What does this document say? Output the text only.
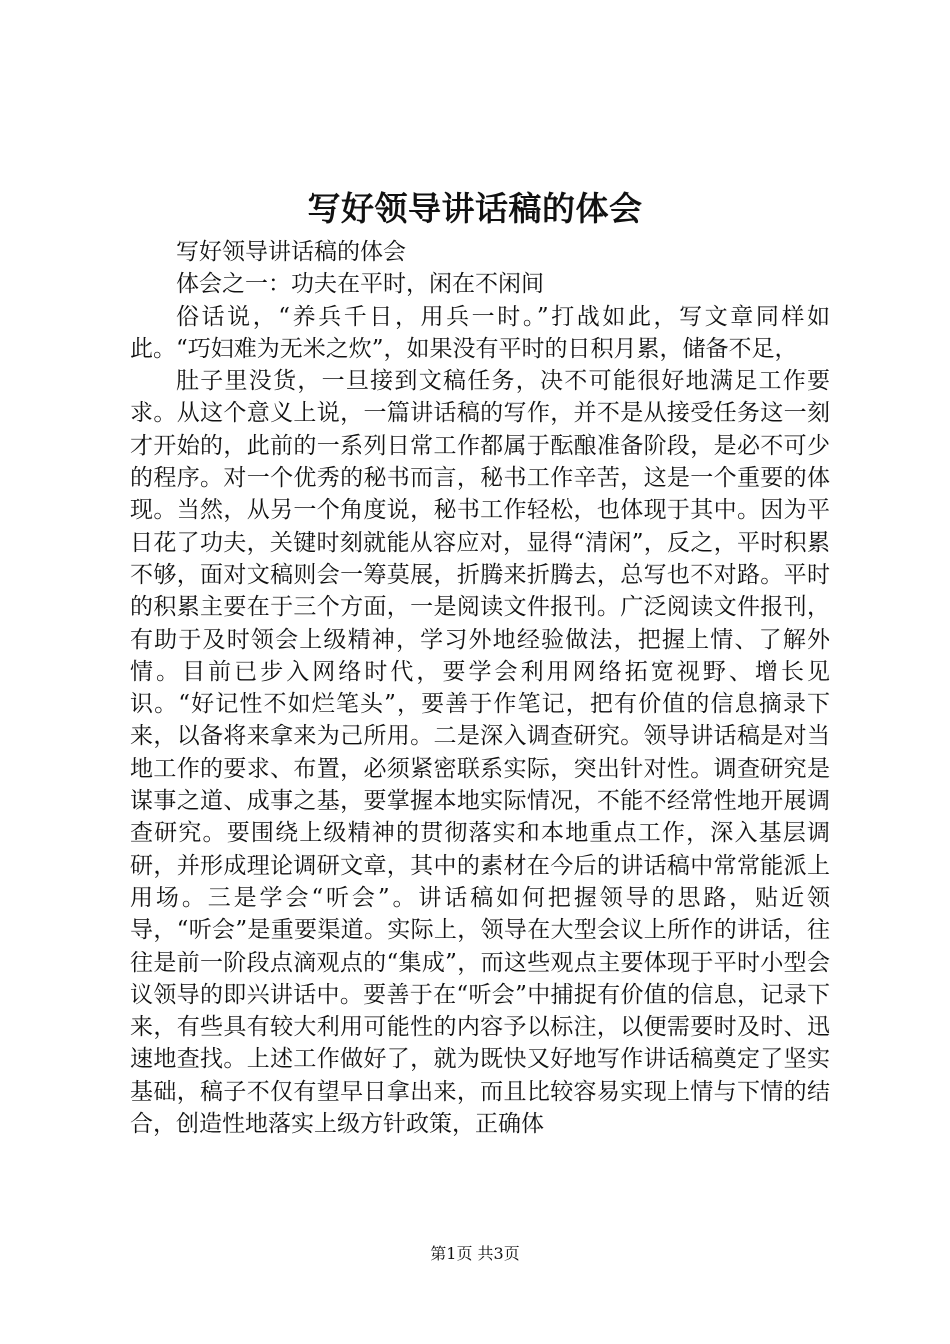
写好领导讲话稿的体会

写好领导讲话稿的体会

体会之一：功夫在平时，闲在不闲间

俗话说，“养兵千日，用兵一时。”打战如此，写文章同样如此。“巧妇难为无米之炊”，如果没有平时的日积月累，储备不足，

肚子里没货，一旦接到文稿任务，决不可能很好地满足工作要求。从这个意义上说，一篇讲话稿的写作，并不是从接受任务这一刻才开始的，此前的一系列日常工作都属于酝酿准备阶段，是必不可少的程序。对一个优秀的秘书而言，秘书工作辛苦，这是一个重要的体现。当然，从另一个角度说，秘书工作轻松，也体现于其中。因为平日花了功夫，关键时刻就能从容应对，显得“清闲”，反之，平时积累不够，面对文稿则会一筹莫展，折腾来折腾去，总写也不对路。平时的积累主要在于三个方面，一是阅读文件报刊。广泛阅读文件报刊，有助于及时领会上级精神，学习外地经验做法，把握上情、了解外情。目前已步入网络时代，要学会利用网络拓宽视野、增长见识。“好记性不如烂笔头”，要善于作笔记，把有价值的信息摘录下来，以备将来拿来为己所用。二是深入调查研究。领导讲话稿是对当地工作的要求、布置，必须紧密联系实际，突出针对性。调查研究是谋事之道、成事之基，要掌握本地实际情况，不能不经常性地开展调查研究。要围绕上级精神的贯彻落实和本地重点工作，深入基层调研，并形成理论调研文章，其中的素材在今后的讲话稿中常常能派上用场。三是学会“听会”。讲话稿如何把握领导的思路，贴近领导，“听会”是重要渠道。实际上，领导在大型会议上所作的讲话，往往是前一阶段点滴观点的“集成”，而这些观点主要体现于平时小型会议领导的即兴讲话中。要善于在“听会”中捕捉有价值的信息，记录下来，有些具有较大利用可能性的内容予以标注，以便需要时及时、迅速地查找。上述工作做好了，就为既快又好地写作讲话稿奠定了坚实基础，稿子不仅有望早日拿出来，而且比较容易实现上情与下情的结合，创造性地落实上级方针政策，正确体

第1页 共3页
